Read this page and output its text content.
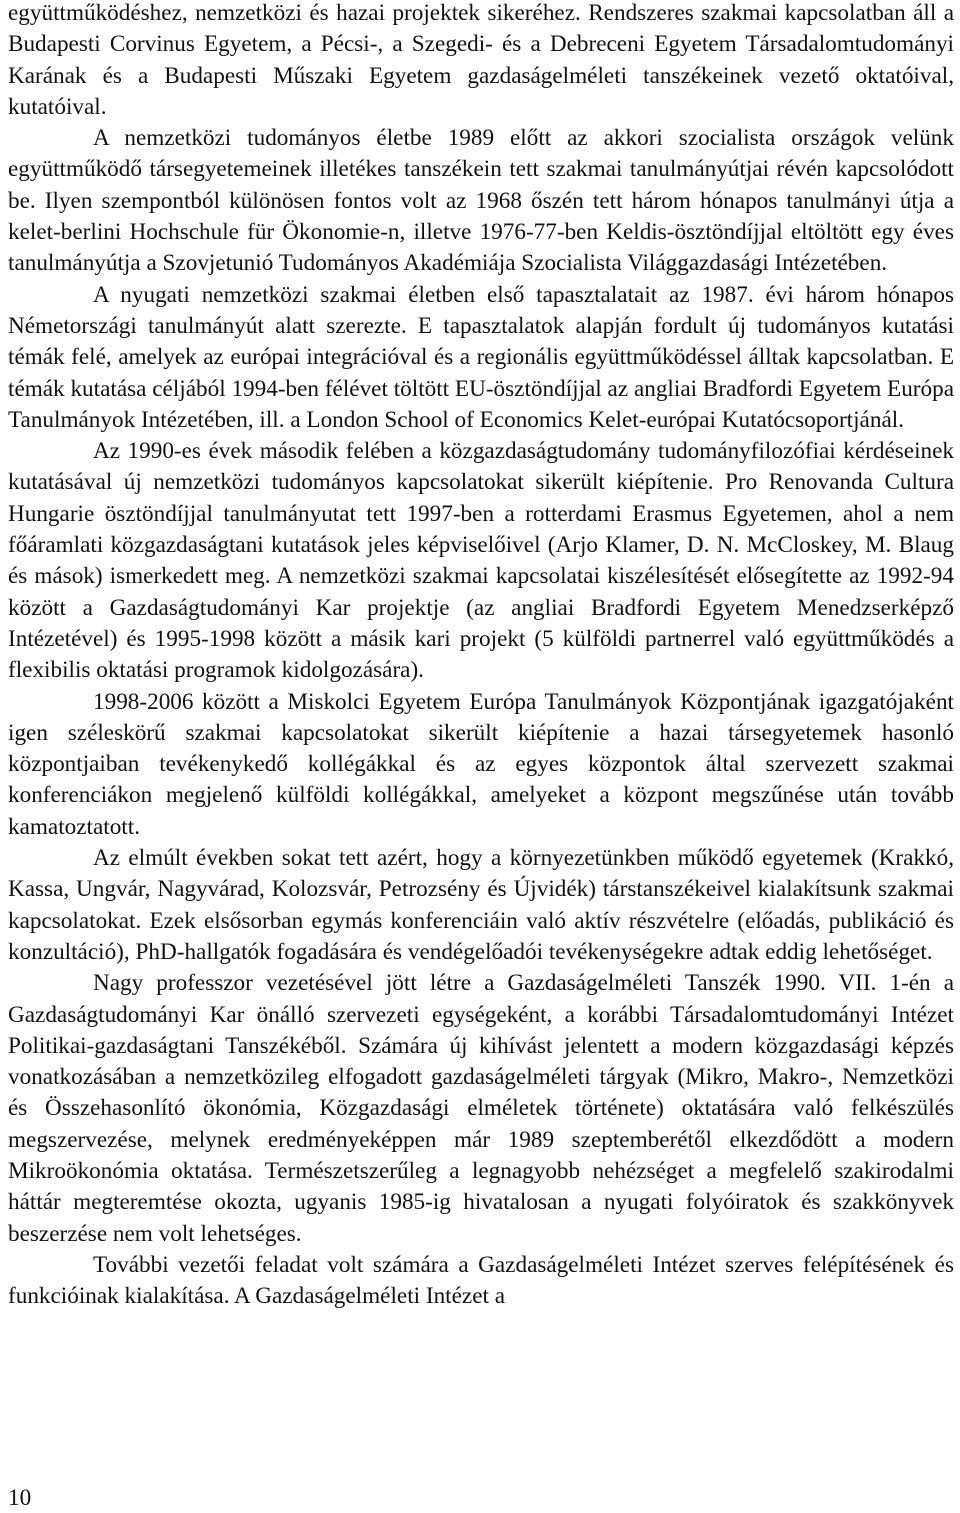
együttműködéshez, nemzetközi és hazai projektek sikeréhez. Rendszeres szakmai kapcsolatban áll a Budapesti Corvinus Egyetem, a Pécsi-, a Szegedi- és a Debreceni Egyetem Társadalomtudományi Karának és a Budapesti Műszaki Egyetem gazdaságelméleti tanszékeinek vezető oktatóival, kutatóival.

A nemzetközi tudományos életbe 1989 előtt az akkori szocialista országok velünk együttműködő társegyetemeinek illetékes tanszékein tett szakmai tanulmányútjai révén kapcsolódott be. Ilyen szempontból különösen fontos volt az 1968 őszén tett három hónapos tanulmányi útja a kelet-berlini Hochschule für Ökonomie-n, illetve 1976-77-ben Keldis-ösztöndíjjal eltöltött egy éves tanulmányútja a Szovjetunió Tudományos Akadémiája Szocialista Világgazdasági Intézetében.

A nyugati nemzetközi szakmai életben első tapasztalatait az 1987. évi három hónapos Németországi tanulmányút alatt szerezte. E tapasztalatok alapján fordult új tudományos kutatási témák felé, amelyek az európai integrációval és a regionális együttműködéssel álltak kapcsolatban. E témák kutatása céljából 1994-ben félévet töltött EU-ösztöndíjjal az angliai Bradfordi Egyetem Európa Tanulmányok Intézetében, ill. a London School of Economics Kelet-európai Kutatócsoportjánál.

Az 1990-es évek második felében a közgazdaságtudomány tudományfilozófiai kérdéseinek kutatásával új nemzetközi tudományos kapcsolatokat sikerült kiépítenie. Pro Renovanda Cultura Hungarie ösztöndíjjal tanulmányutat tett 1997-ben a rotterdami Erasmus Egyetemen, ahol a nem főáramlati közgazdaságtani kutatások jeles képviselőivel (Arjo Klamer, D. N. McCloskey, M. Blaug és mások) ismerkedett meg. A nemzetközi szakmai kapcsolatai kiszélesítését elősegítette az 1992-94 között a Gazdaságtudományi Kar projektje (az angliai Bradfordi Egyetem Menedzserképző Intézetével) és 1995-1998 között a másik kari projekt (5 külföldi partnerrel való együttműködés a flexibilis oktatási programok kidolgozására).

1998-2006 között a Miskolci Egyetem Európa Tanulmányok Központjának igazgatójaként igen széleskörű szakmai kapcsolatokat sikerült kiépítenie a hazai társegyetemek hasonló központjaiban tevékenykedő kollégákkal és az egyes központok által szervezett szakmai konferenciákon megjelenő külföldi kollégákkal, amelyeket a központ megszűnése után tovább kamatoztatott.

Az elmúlt években sokat tett azért, hogy a környezetünkben működő egyetemek (Krakkó, Kassa, Ungvár, Nagyvárad, Kolozsvár, Petrozsény és Újvidék) társtanszékeivel kialakítsunk szakmai kapcsolatokat. Ezek elsősorban egymás konferenciáin való aktív részvételre (előadás, publikáció és konzultáció), PhD-hallgatók fogadására és vendégelőadói tevékenységekre adtak eddig lehetőséget.

Nagy professzor vezetésével jött létre a Gazdaságelméleti Tanszék 1990. VII. 1-én a Gazdaságtudományi Kar önálló szervezeti egységeként, a korábbi Társadalomtudományi Intézet Politikai-gazdaságtani Tanszékéből. Számára új kihívást jelentett a modern közgazdasági képzés vonatkozásában a nemzetközileg elfogadott gazdaságelméleti tárgyak (Mikro, Makro-, Nemzetközi és Összehasonlító ökonómia, Közgazdasági elméletek története) oktatására való felkészülés megszervezése, melynek eredményeképpen már 1989 szeptemberétől elkezdődött a modern Mikroökonómia oktatása. Természetszerűleg a legnagyobb nehézséget a megfelelő szakirodalmi háttár megteremtése okozta, ugyanis 1985-ig hivatalosan a nyugati folyóiratok és szakkönyvek beszerzése nem volt lehetséges.

További vezetői feladat volt számára a Gazdaságelméleti Intézet szerves felépítésének és funkcióinak kialakítása. A Gazdaságelméleti Intézet a

10
